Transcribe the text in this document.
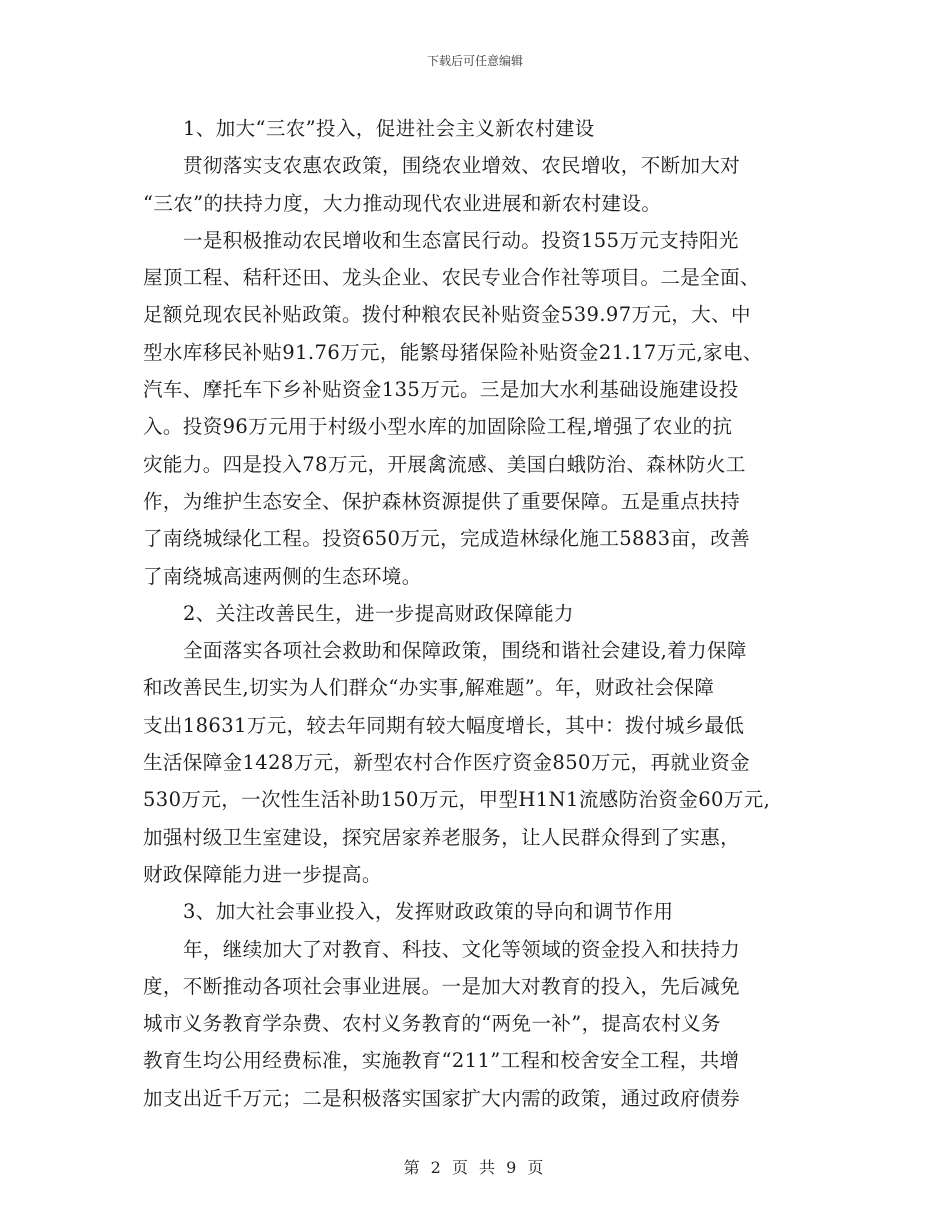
下载后可任意编辑
1、加大“三农”投入，促进社会主义新农村建设
贯彻落实支农惠农政策，围绕农业增效、农民增收，不断加大对
“三农”的扶持力度，大力推动现代农业进展和新农村建设。
一是积极推动农民增收和生态富民行动。投资155万元支持阳光
屋顶工程、秸秆还田、龙头企业、农民专业合作社等项目。二是全面、
足额兑现农民补贴政策。拨付种粮农民补贴资金539.97万元，大、中
型水库移民补贴91.76万元，能繁母猪保险补贴资金21.17万元,家电、
汽车、摩托车下乡补贴资金135万元。三是加大水利基础设施建设投
入。投资96万元用于村级小型水库的加固除险工程,增强了农业的抗
灾能力。四是投入78万元，开展禽流感、美国白蛾防治、森林防火工
作，为维护生态安全、保护森林资源提供了重要保障。五是重点扶持
了南绕城绿化工程。投资650万元，完成造林绿化施工5883亩，改善
了南绕城高速两侧的生态环境。
2、关注改善民生，进一步提高财政保障能力
全面落实各项社会救助和保障政策，围绕和谐社会建设,着力保障
和改善民生,切实为人们群众“办实事,解难题”。年，财政社会保障
支出18631万元，较去年同期有较大幅度增长，其中：拨付城乡最低
生活保障金1428万元，新型农村合作医疗资金850万元，再就业资金
530万元，一次性生活补助150万元，甲型H1N1流感防治资金60万元,
加强村级卫生室建设，探究居家养老服务，让人民群众得到了实惠，
财政保障能力进一步提高。
3、加大社会事业投入，发挥财政政策的导向和调节作用
年，继续加大了对教育、科技、文化等领域的资金投入和扶持力
度，不断推动各项社会事业进展。一是加大对教育的投入，先后减免
城市义务教育学杂费、农村义务教育的“两免一补”，提高农村义务
教育生均公用经费标准，实施教育“211”工程和校舍安全工程，共增
加支出近千万元；二是积极落实国家扩大内需的政策，通过政府债券
第 2 页 共 9 页
